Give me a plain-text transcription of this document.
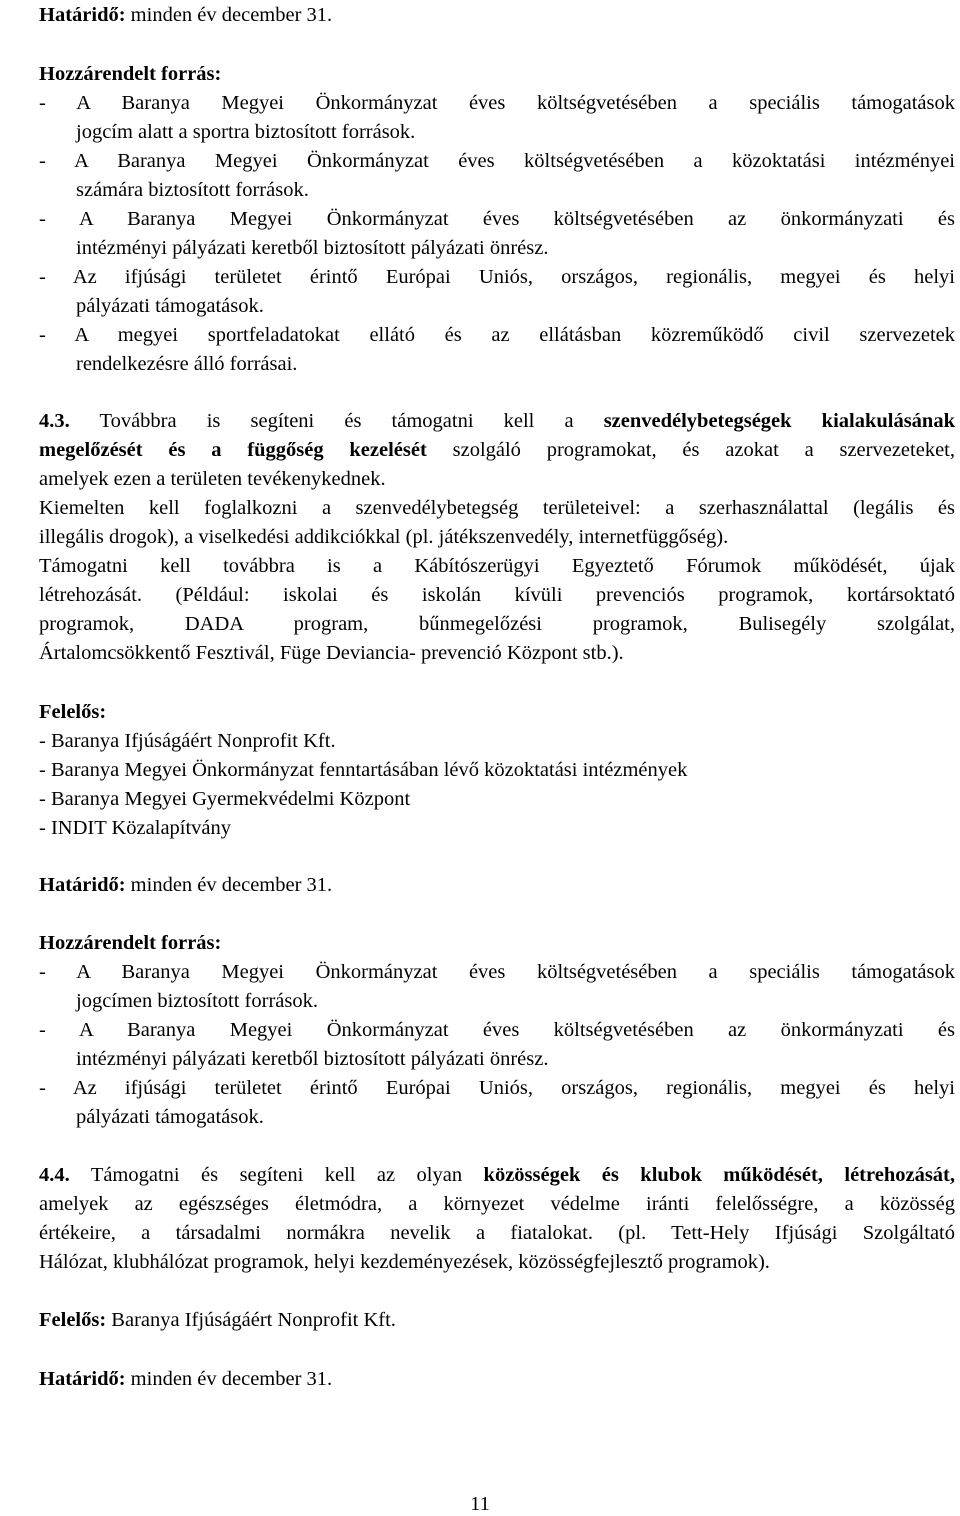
Határidő: minden év december 31.
Hozzárendelt forrás:
- A Baranya Megyei Önkormányzat éves költségvetésében a speciális támogatások
jogcím alatt a sportra biztosított források.
- A Baranya Megyei Önkormányzat éves költségvetésében a közoktatási intézményei
számára biztosított források.
- A Baranya Megyei Önkormányzat éves költségvetésében az önkormányzati és
intézményi pályázati keretből biztosított pályázati önrész.
- Az ifjúsági területet érintő Európai Uniós, országos, regionális, megyei és helyi
pályázati támogatások.
- A megyei sportfeladatokat ellátó és az ellátásban közreműködő civil szervezetek
rendelkezésre álló forrásai.
4.3. Továbbra is segíteni és támogatni kell a szenvedélybetegségek kialakulásának
megelőzését és a függőség kezelését szolgáló programokat, és azokat a szervezeteket,
amelyek ezen a területen tevékenykednek.
Kiemelten kell foglalkozni a szenvedélybetegség területeivel: a szerhasználattal (legális és
illegális drogok), a viselkedési addikciókkal (pl. játékszenvedély, internetfüggőség).
Támogatni kell továbbra is a Kábítószerügyi Egyeztető Fórumok működését, újak
létrehozását. (Például: iskolai és iskolán kívüli prevenciós programok, kortársoktató
programok, DADA program, bűnmegelőzési programok, Bulisegély szolgálat,
Ártalomcsökkentő Fesztivál, Füge Deviancia- prevenció Központ stb.).
Felelős:
- Baranya Ifjúságáért Nonprofit Kft.
- Baranya Megyei Önkormányzat fenntartásában lévő közoktatási intézmények
- Baranya Megyei Gyermekvédelmi Központ
- INDIT Közalapítvány
Határidő: minden év december 31.
Hozzárendelt forrás:
- A Baranya Megyei Önkormányzat éves költségvetésében a speciális támogatások
jogcímen biztosított források.
- A Baranya Megyei Önkormányzat éves költségvetésében az önkormányzati és
intézményi pályázati keretből biztosított pályázati önrész.
- Az ifjúsági területet érintő Európai Uniós, országos, regionális, megyei és helyi
pályázati támogatások.
4.4. Támogatni és segíteni kell az olyan közösségek és klubok működését, létrehozását,
amelyek az egészséges életmódra, a környezet védelme iránti felelősségre, a közösség
értékeire, a társadalmi normákra nevelik a fiatalokat. (pl. Tett-Hely Ifjúsági Szolgáltató
Hálózat, klubhálózat programok, helyi kezdeményezések, közösségfejlesztő programok).
Felelős: Baranya Ifjúságáért Nonprofit Kft.
Határidő: minden év december 31.
11
